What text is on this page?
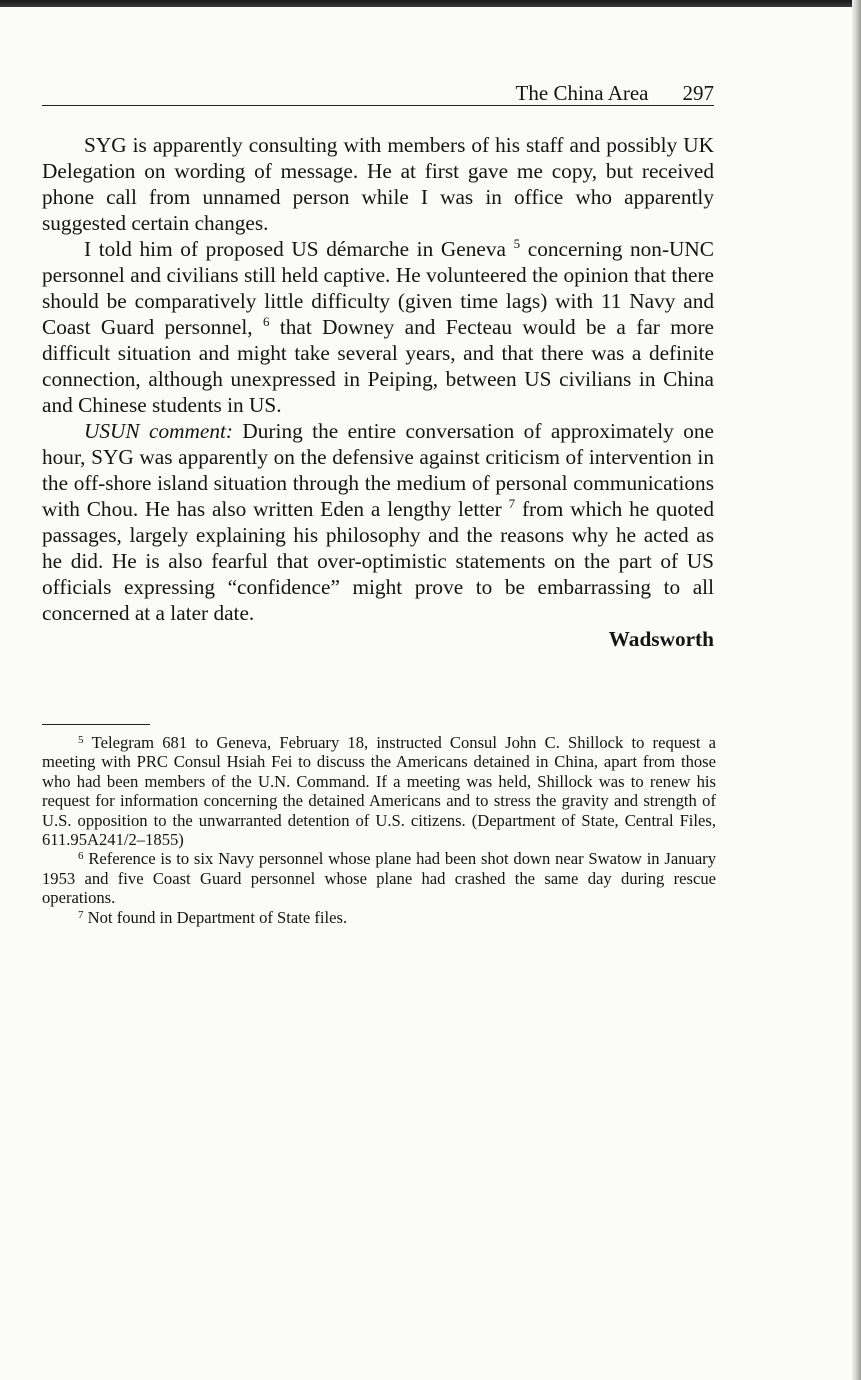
The China Area 297

SYG is apparently consulting with members of his staff and possibly UK Delegation on wording of message. He at first gave me copy, but received phone call from unnamed person while I was in office who apparently suggested certain changes.

I told him of proposed US démarche in Geneva $^5$ concerning non-UNC personnel and civilians still held captive. He volunteered the opinion that there should be comparatively little difficulty (given time lags) with 11 Navy and Coast Guard personnel, $^6$ that Downey and Fecteau would be a far more difficult situation and might take several years, and that there was a definite connection, although unexpressed in Peiping, between US civilians in China and Chinese students in US.

USUN comment: During the entire conversation of approximately one hour, SYG was apparently on the defensive against criticism of intervention in the off-shore island situation through the medium of personal communications with Chou. He has also written Eden a lengthy letter $^7$ from which he quoted passages, largely explaining his philosophy and the reasons why he acted as he did. He is also fearful that over-optimistic statements on the part of US officials expressing “confidence” might prove to be embarrassing to all concerned at a later date.

Wadsworth

$^5$ Telegram 681 to Geneva, February 18, instructed Consul John C. Shillock to request a meeting with PRC Consul Hsiah Fei to discuss the Americans detained in China, apart from those who had been members of the U.N. Command. If a meeting was held, Shillock was to renew his request for information concerning the detained Americans and to stress the gravity and strength of U.S. opposition to the unwarranted detention of U.S. citizens. (Department of State, Central Files, 611.95A241/2–1855)

$^6$ Reference is to six Navy personnel whose plane had been shot down near Swatow in January 1953 and five Coast Guard personnel whose plane had crashed the same day during rescue operations.

$^7$ Not found in Department of State files.
